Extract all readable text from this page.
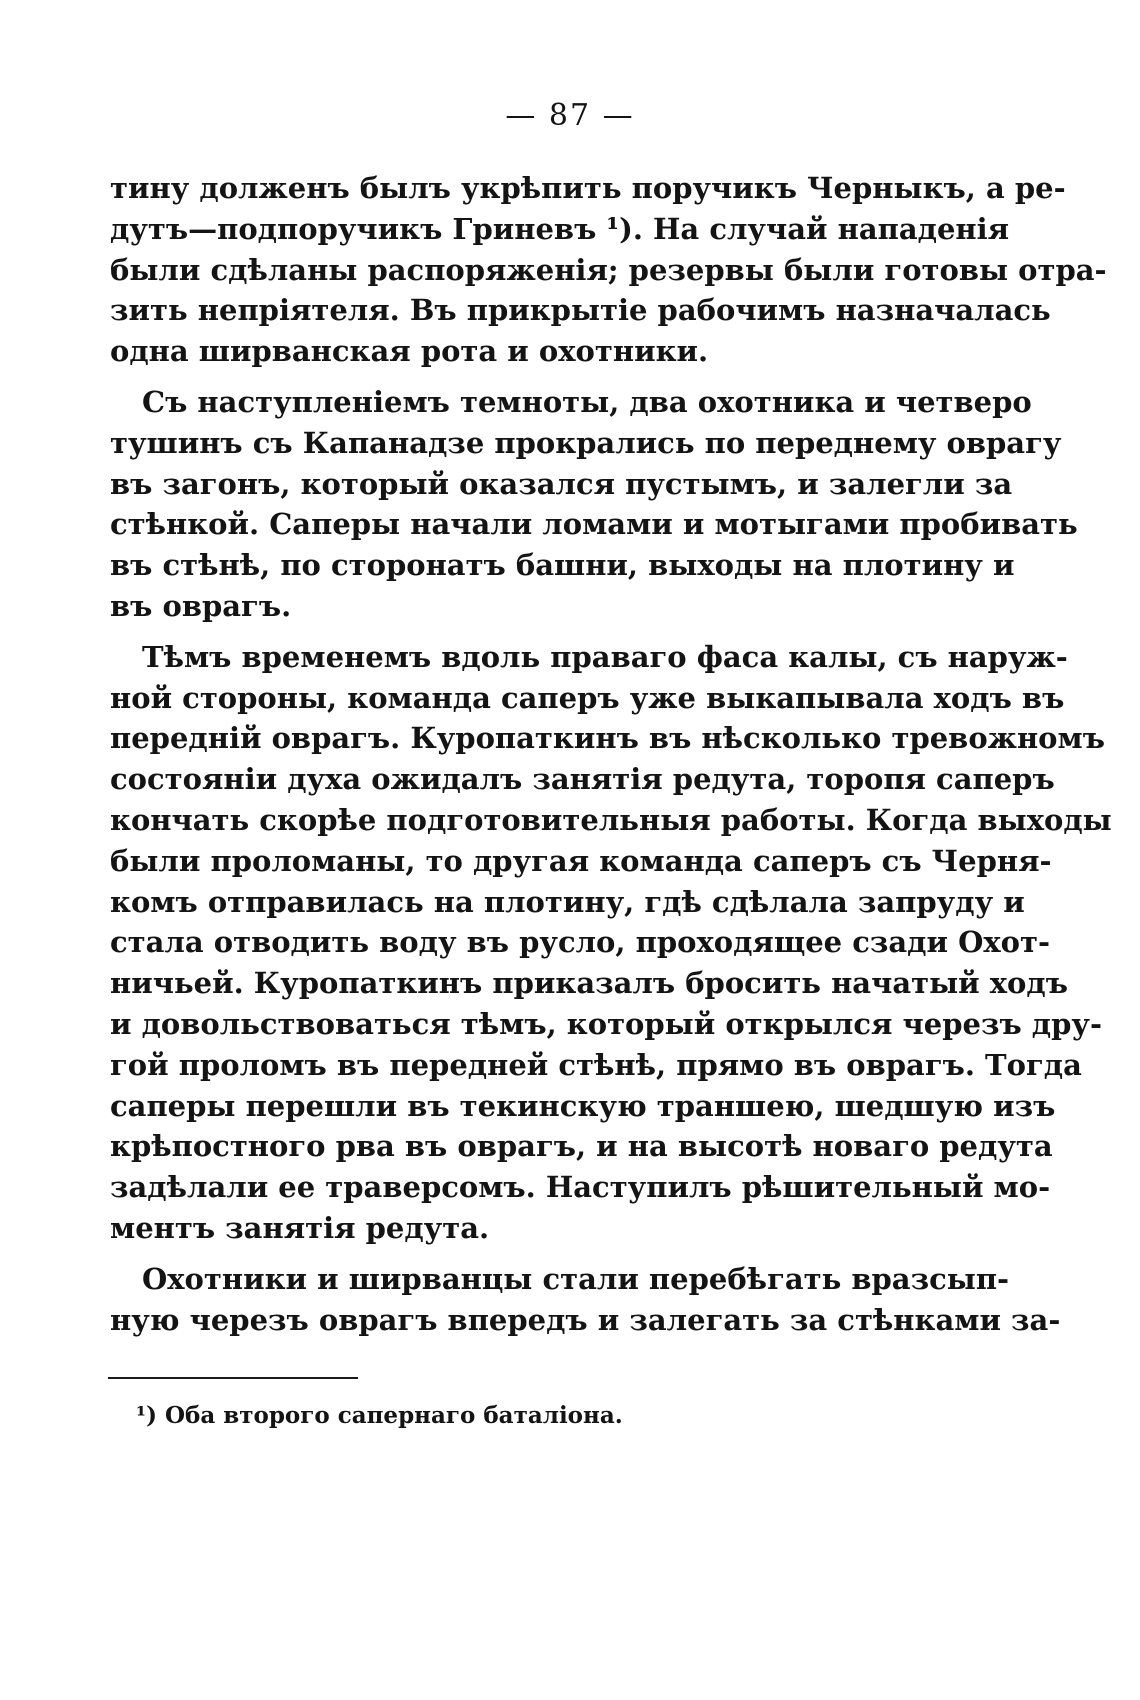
— 87 —
тину долженъ былъ укрѣпить поручикъ Черныкъ, а ре-
дутъ—подпоручикъ Гриневъ ¹). На случай нападенія
были сдѣланы распоряженія; резервы были готовы отра-
зить непріятеля. Въ прикрытіе рабочимъ назначалась
одна ширванская рота и охотники.
Съ наступленіемъ темноты, два охотника и четверо
тушинъ съ Капанадзе прокрались по переднему оврагу
въ загонъ, который оказался пустымъ, и залегли за
стѣнкой. Саперы начали ломами и мотыгами пробивать
въ стѣнѣ, по сторонатъ башни, выходы на плотину и
въ оврагъ.
Тѣмъ временемъ вдоль праваго фаса калы, съ наруж-
ной стороны, команда саперъ уже выкапывала ходъ въ
передній оврагъ. Куропаткинъ въ нѣсколько тревожномъ
состояніи духа ожидалъ занятія редута, торопя саперъ
кончать скорѣе подготовительныя работы. Когда выходы
были проломаны, то другая команда саперъ съ Черня-
комъ отправилась на плотину, гдѣ сдѣлала запруду и
стала отводить воду въ русло, проходящее сзади Охот-
ничьей. Куропаткинъ приказалъ бросить начатый ходъ
и довольствоваться тѣмъ, который открылся черезъ дру-
гой проломъ въ передней стѣнѣ, прямо въ оврагъ. Тогда
саперы перешли въ текинскую траншею, шедшую изъ
крѣпостного рва въ оврагъ, и на высотѣ новаго редута
задѣлали ее траверсомъ. Наступилъ рѣшительный мо-
ментъ занятія редута.
Охотники и ширванцы стали перебѣгать вразсып-
ную черезъ оврагъ впередъ и залегать за стѣнками за-
¹) Оба второго сапернаго баталіона.
